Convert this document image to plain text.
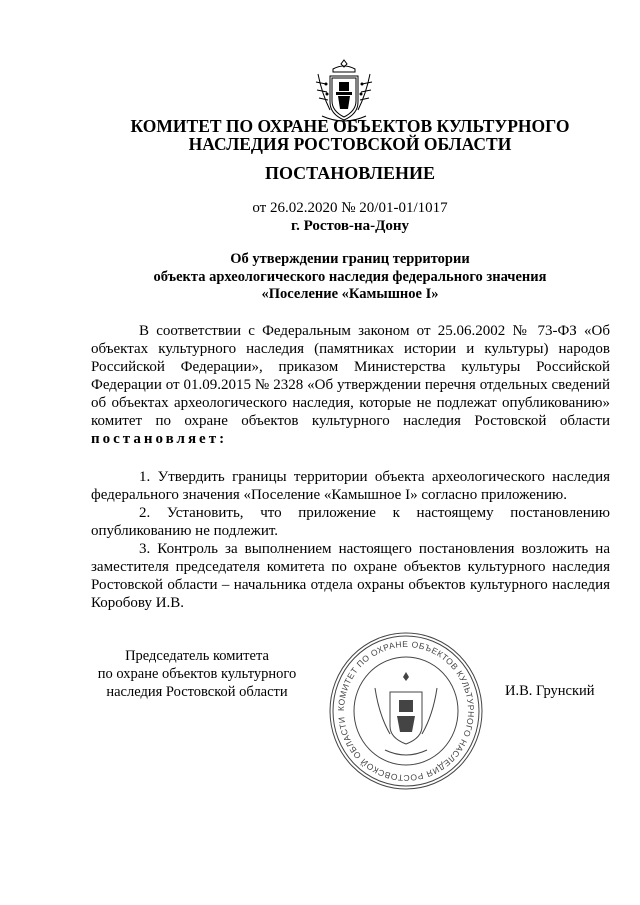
КОМИТЕТ ПО ОХРАНЕ ОБЪЕКТОВ КУЛЬТУРНОГО
НАСЛЕДИЯ РОСТОВСКОЙ ОБЛАСТИ
ПОСТАНОВЛЕНИЕ
от 26.02.2020 № 20/01-01/1017
г. Ростов-на-Дону
Об утверждении границ территории
объекта археологического наследия федерального значения
«Поселение «Камышное I»

В соответствии с Федеральным законом от 25.06.2002 № 73-ФЗ «Об объектах культурного наследия (памятниках истории и культуры) народов Российской Федерации», приказом Министерства культуры Российской Федерации от 01.09.2015 № 2328 «Об утверждении перечня отдельных сведений об объектах археологического наследия, которые не подлежат опубликованию» комитет по охране объектов культурного наследия Ростовской области постановляет:

1. Утвердить границы территории объекта археологического наследия федерального значения «Поселение «Камышное I» согласно приложению.

2. Установить, что приложение к настоящему постановлению опубликованию не подлежит.

3. Контроль за выполнением настоящего постановления возложить на заместителя председателя комитета по охране объектов культурного наследия Ростовской области – начальника отдела охраны объектов культурного наследия Коробову И.В.

Председатель комитета
по охране объектов культурного
наследия Ростовской области
КОМИТЕТ ПО ОХРАНЕ ОБЪЕКТОВ КУЛЬТУРНОГО НАСЛЕДИЯ РОСТОВСКОЙ ОБЛАСТИ
И.В. Грунский
